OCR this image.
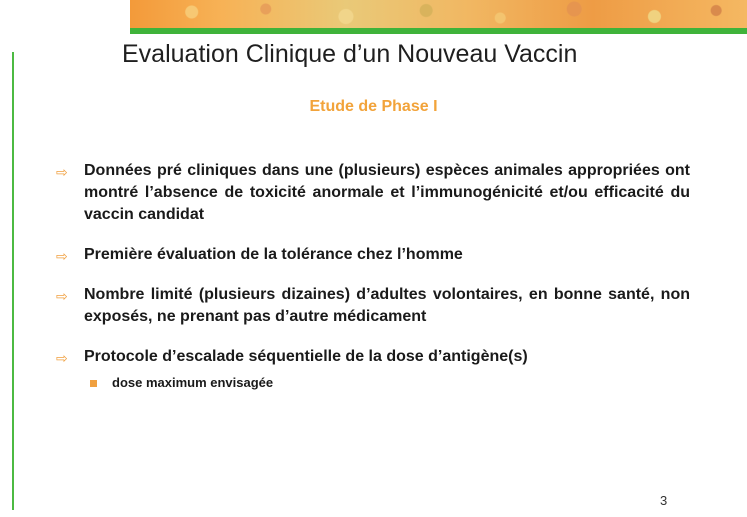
Evaluation Clinique d’un Nouveau Vaccin
Etude de Phase I
⇨ Données pré cliniques dans une (plusieurs) espèces animales appropriées ont montré l’absence de toxicité anormale et l’immunogénicité et/ou efficacité du vaccin candidat
⇨ Première évaluation de la tolérance chez l’homme
⇨ Nombre limité (plusieurs dizaines) d’adultes volontaires, en bonne santé, non exposés, ne prenant pas d’autre médicament
⇨ Protocole d’escalade séquentielle de la dose d’antigène(s)
dose maximum envisagée
3
